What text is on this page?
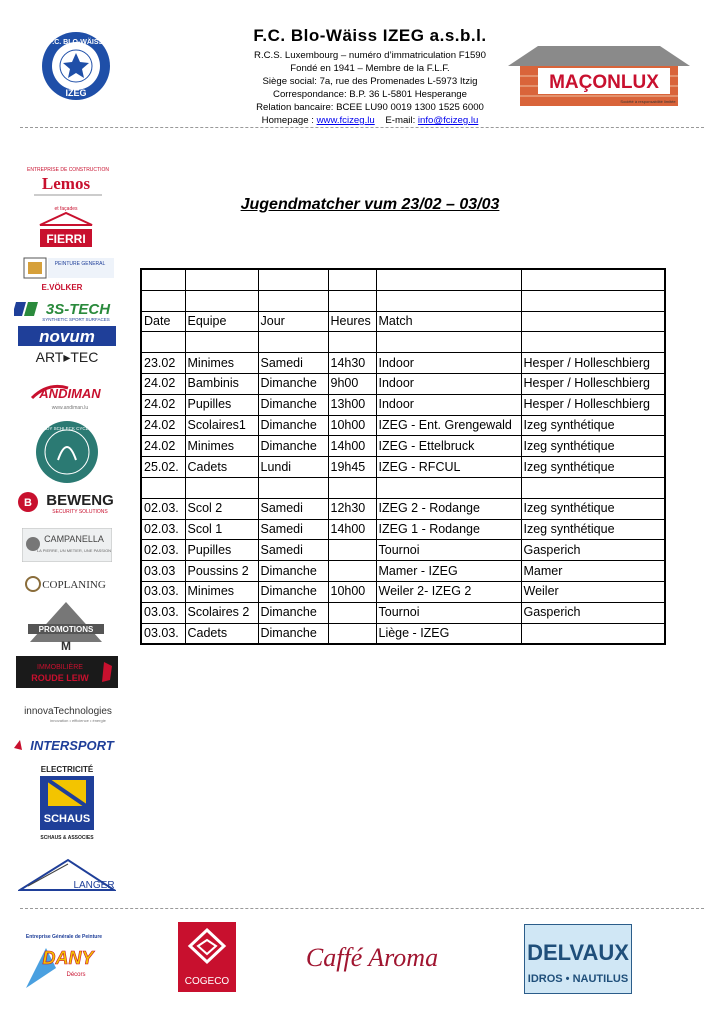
F.C. BLO-WÄISS
IZEG
F.C. Blo-Wäiss IZEG a.s.b.l.
R.C.S. Luxembourg – numéro d’immatriculation F1590
Fondé en 1941 – Membre de la F.L.F.
Siège social: 7a, rue des Promenades L-5973 Itzig
Correspondance: B.P. 36 L-5801 Hesperange
Relation bancaire: BCEE LU90 0019 1300 1525 6000
Homepage : www.fcizeg.lu E-mail: info@fcizeg.lu
MAÇONLUX
Société à responsabilité limitée
Jugendmatcher vum 23/02 – 03/03

Date	Equipe	Jour	Heures	Match	

23.02	Minimes	Samedi	14h30	Indoor	Hesper / Holleschbierg
24.02	Bambinis	Dimanche	9h00	Indoor	Hesper / Holleschbierg
24.02	Pupilles	Dimanche	13h00	Indoor	Hesper / Holleschbierg
24.02	Scolaires1	Dimanche	10h00	IZEG - Ent. Grengewald	Izeg synthétique
24.02	Minimes	Dimanche	14h00	IZEG - Ettelbruck	Izeg synthétique
25.02.	Cadets	Lundi	19h45	IZEG - RFCUL	Izeg synthétique

02.03.	Scol 2	Samedi	12h30	IZEG 2 - Rodange	Izeg synthétique
02.03.	Scol 1	Samedi	14h00	IZEG 1 - Rodange	Izeg synthétique
02.03.	Pupilles	Samedi		Tournoi	Gasperich
03.03	Poussins 2	Dimanche		Mamer - IZEG	Mamer
03.03.	Minimes	Dimanche	10h00	Weiler 2- IZEG 2	Weiler
03.03.	Scolaires 2	Dimanche		Tournoi	Gasperich
03.03.	Cadets	Dimanche		Liège - IZEG	
ENTREPRISE DE CONSTRUCTION
Lemos
et façades
FIERRI
PEINTURE GENERAL
E.VÖLKER
3S-TECH
SYNTHETIC SPORT SURFACES
novum
ART▸TEC
ANDIMAN
www.andiman.lu
ANDY SCHLECK CYCLES
B BEWENG
SECURITY SOLUTIONS
CAMPANELLA
LA PIERRE, UN METIER, UNE PASSION
COPLANING
PROMOTIONS
M
IMMOBILIÈRE
ROUDE LEIW
innovaTechnologies
innovation • efficience • énergie
INTERSPORT
ELECTRICITÉ
SCHAUS
SCHAUS & ASSOCIES
LANGER
Entreprise Générale de Peinture
DANY
Décors
COGECO
Caffé Aroma	DELVAUX
IDROS • NAUTILUS
